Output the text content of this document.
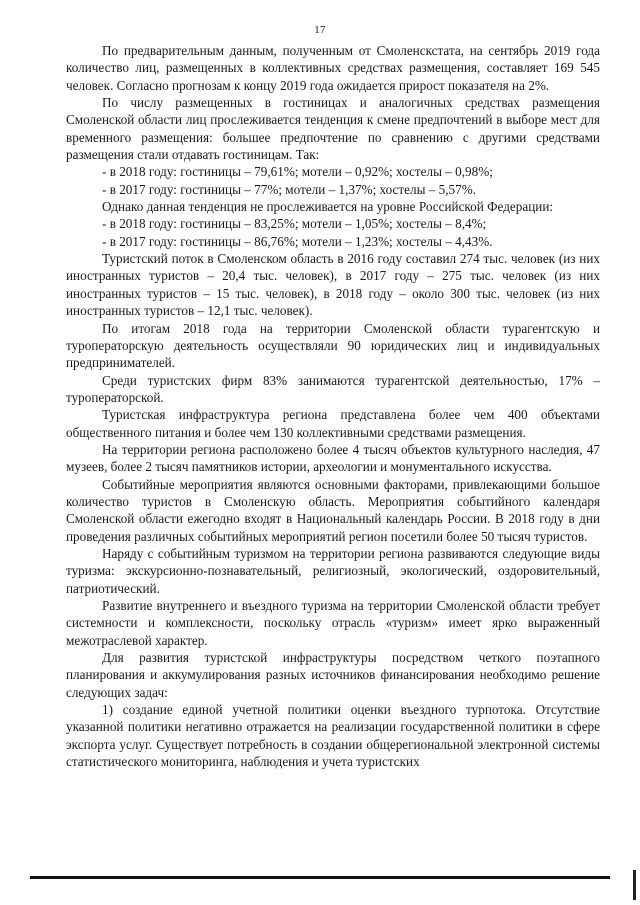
17

По предварительным данным, полученным от Смоленскстата, на сентябрь 2019 года количество лиц, размещенных в коллективных средствах размещения, составляет 169 545 человек. Согласно прогнозам к концу 2019 года ожидается прирост показателя на 2%.

По числу размещенных в гостиницах и аналогичных средствах размещения Смоленской области лиц прослеживается тенденция к смене предпочтений в выборе мест для временного размещения: большее предпочтение по сравнению с другими средствами размещения стали отдавать гостиницам. Так:

- в 2018 году: гостиницы – 79,61%; мотели – 0,92%; хостелы – 0,98%;

- в 2017 году: гостиницы – 77%; мотели – 1,37%; хостелы – 5,57%.

Однако данная тенденция не прослеживается на уровне Российской Федерации:

- в 2018 году: гостиницы – 83,25%; мотели – 1,05%; хостелы – 8,4%;

- в 2017 году: гостиницы – 86,76%; мотели – 1,23%; хостелы – 4,43%.

Туристский поток в Смоленском область в 2016 году составил 274 тыс. человек (из них иностранных туристов – 20,4 тыс. человек), в 2017 году – 275 тыс. человек (из них иностранных туристов – 15 тыс. человек), в 2018 году – около 300 тыс. человек (из них иностранных туристов – 12,1 тыс. человек).

По итогам 2018 года на территории Смоленской области турагентскую и туроператорскую деятельность осуществляли 90 юридических лиц и индивидуальных предпринимателей.

Среди туристских фирм 83% занимаются турагентской деятельностью, 17% – туроператорской.

Туристская инфраструктура региона представлена более чем 400 объектами общественного питания и более чем 130 коллективными средствами размещения.

На территории региона расположено более 4 тысяч объектов культурного наследия, 47 музеев, более 2 тысяч памятников истории, археологии и монументального искусства.

Событийные мероприятия являются основными факторами, привлекающими большое количество туристов в Смоленскую область. Мероприятия событийного календаря Смоленской области ежегодно входят в Национальный календарь России. В 2018 году в дни проведения различных событийных мероприятий регион посетили более 50 тысяч туристов.

Наряду с событийным туризмом на территории региона развиваются следующие виды туризма: экскурсионно-познавательный, религиозный, экологический, оздоровительный, патриотический.

Развитие внутреннего и въездного туризма на территории Смоленской области требует системности и комплексности, поскольку отрасль «туризм» имеет ярко выраженный межотраслевой характер.

Для развития туристской инфраструктуры посредством четкого поэтапного планирования и аккумулирования разных источников финансирования необходимо решение следующих задач:

1) создание единой учетной политики оценки въездного турпотока. Отсутствие указанной политики негативно отражается на реализации государственной политики в сфере экспорта услуг. Существует потребность в создании общерегиональной электронной системы статистического мониторинга, наблюдения и учета туристских
